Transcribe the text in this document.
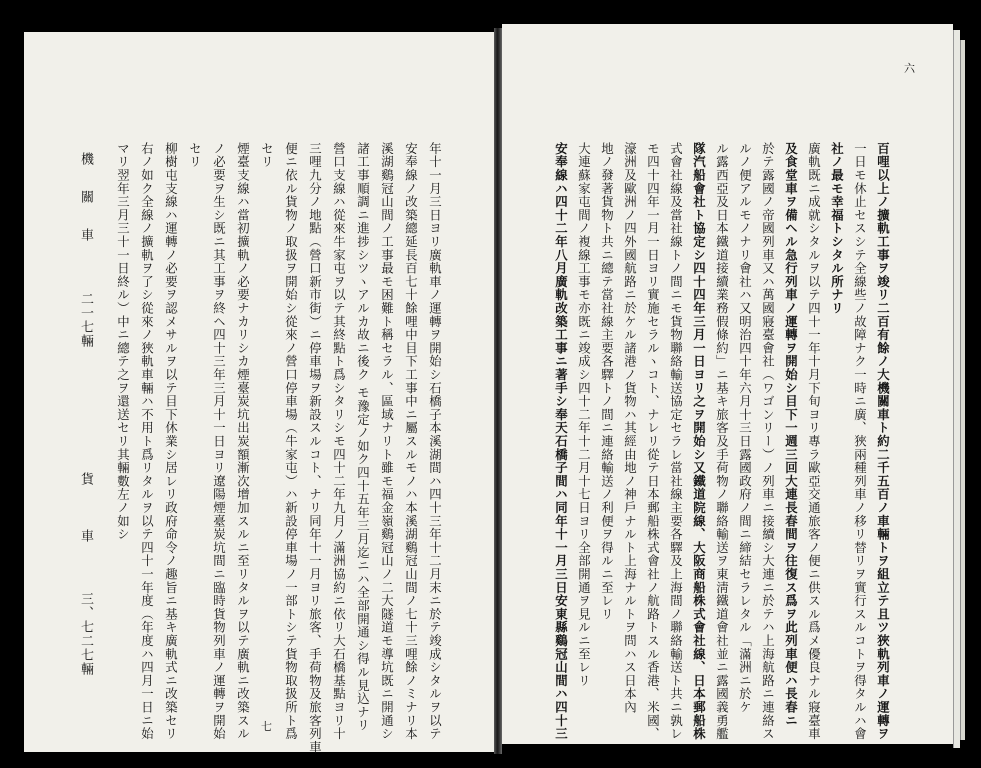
七	年十一月三日ヨリ廣軌車ノ運轉ヲ開始シ石橋子本溪湖間ハ四十三年十二月末ニ於テ竣成シタルヲ以テ
安奉線ノ改築總延長百七十餘哩中目下工事中ニ屬スルモノハ本溪湖鷄冠山間ノ七十三哩餘ノミナリ本
溪湖鷄冠山間ノ工事最モ困難ト稱セラル、區域ナリト雖モ福金嶺鷄冠山ノ二大隧道モ導坑既ニ開通シ
諸工事順調ニ進捗シツヽアルカ故ニ後ク モ豫定ノ如ク四十五年三月迄ニハ全部開通シ得ル見込ナリ
營口支線ハ從來牛家屯ヲ以テ其終點ト爲シタリシモ四十二年九月ノ滿洲協約ニ依リ大石橋基點ヨリ十
三哩九分ノ地點（營口新市街）ニ停車場ヲ新設スルコト、ナリ同年十一月ヨリ旅客、手荷物及旅客列車
便ニ依ル貨物ノ取扱ヲ開始シ從來ノ營口停車場（牛家屯）ハ新設停車場ノ一部トシテ貨物取扱所ト爲
セリ
煙臺支線ハ當初擴軌ノ必要ナカリシカ煙臺炭坑出炭額漸次增加スルニ至リタルヲ以テ廣軌ニ改築スル
ノ必要ヲ生シ既ニ其工事ヲ終ヘ四十三年三月十一日ヨリ遼陽煙臺炭坑間ニ臨時貨物列車ノ運轉ヲ開始
セリ
柳樹屯支線ハ運轉ノ必要ヲ認メサルヲ以テ目下休業シ居レリ政府命令ノ趣旨ニ基キ廣軌式ニ改築セリ
右ノ如ク全線ノ擴軌ヲ了シ從來ノ狹軌車輛ハ不用ト爲リタルヲ以テ四十一年度（年度ハ四月一日ニ始
マリ翌年三月三十一日終ル）中ニ總テ之ヲ還送セリ其輛數左ノ如シ
機　關　車
二一七輛
貨　　車
三、七二七輛
六
百哩以上ノ擴軌工事ヲ竣リ二百有餘ノ大機關車ト約二千五百ノ車輛トヲ組立テ且ツ狹軌列車ノ運轉ヲ
一日モ休止セスシテ全線些ノ故障ナク一時ニ廣、狹兩種列車ノ移リ替リヲ實行スルコトヲ得タルハ會
社ノ最モ幸福トシタル所ナリ
廣軌既ニ成就シタルヲ以テ四十一年十月下旬ヨリ專ラ歐亞交通旅客ノ便ニ供スル爲メ優良ナル寢臺車
及食堂車ヲ備ヘル急行列車ノ運轉ヲ開始シ目下一週三回大連長春間ヲ往復ス爲ヲ此列車便ハ長春ニ
於テ露國ノ帝國列車又ハ萬國寢臺會社（ワゴンリー）ノ列車ニ接續シ大連ニ於テハ上海航路ニ連絡ス
ルノ便アルモノナリ會社ハ又明治四十年六月十三日露國政府ノ間ニ締結セラレタル「滿洲ニ於ケ
ル露西亞及日本鐵道接續業務假條約」ニ基キ旅客及手荷物ノ聯絡輸送ヲ東淸鐵道會社並ニ露國義勇艦
隊汽船會社ト協定シ四十四年三月一日ヨリ之ヲ開始シ又鐵道院線、大阪商船株式會社線、日本郵船株
式會社線及當社線トノ間ニモ貨物聯絡輸送協定セラレ當社線主要各驛及上海間ノ聯絡輸送ト共ニ孰レ
モ四十四年一月一日ヨリ實施セラルヽコト、ナレリ從テ日本郵船株式會社ノ航路トスル香港、米國、
濠洲及歐洲ノ四外國航路ニ於ケル諸港ノ貨物ハ其經由地ノ神戶ナルト上海ナルトヲ問ハス日本內
地ノ發著貨物ト共ニ總テ當社線主要各驛トノ間ニ連絡輸送ノ利便ヲ得ルニ至レリ
大連蘇家屯間ノ複線工事モ亦既ニ竣成シ四十二年十二月十七日ヨリ全部開通ヲ見ルニ至レリ
安奉線ハ四十二年八月廣軌改築工事ニ著手シ奉天石橋子間ハ同年十一月三日安東縣鷄冠山間ハ四十三
